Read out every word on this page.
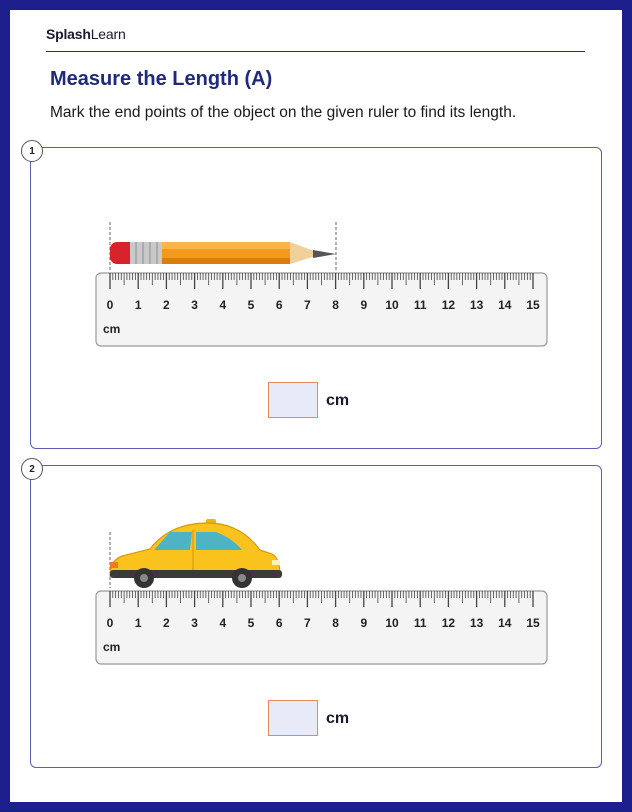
SplashLearn
Measure the Length (A)
Mark the end points of the object on the given ruler to find its length.
1
2
0 1 2 3 4 5 6 7 8 9 10 11 12 13 14 15
cm
0 1 2 3 4 5 6 7 8 9 10 11 12 13 14 15
cm
cm
cm
